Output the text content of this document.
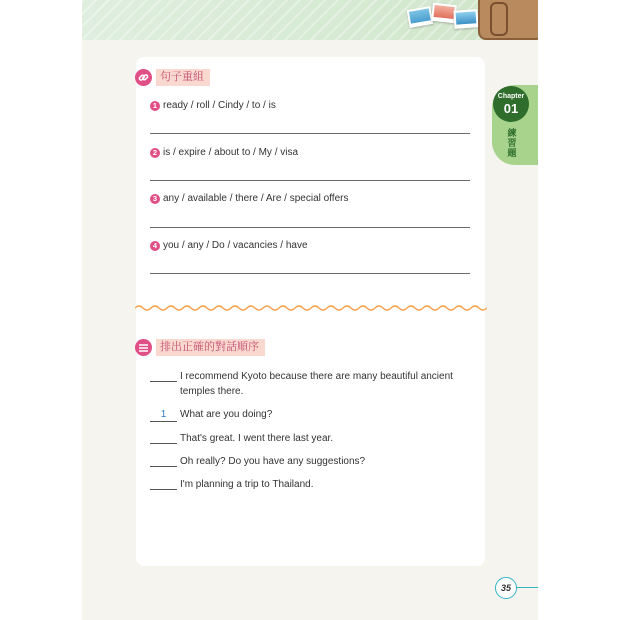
句子重組
1 ready / roll / Cindy / to / is
2 is / expire / about to / My / visa
3 any / available / there / Are / special offers
4 you / any / Do / vacancies / have
排出正確的對話順序
I recommend Kyoto because there are many beautiful ancient temples there.
1 What are you doing?
That's great. I went there last year.
Oh really? Do you have any suggestions?
I'm planning a trip to Thailand.
Chapter
01
練習題
35
